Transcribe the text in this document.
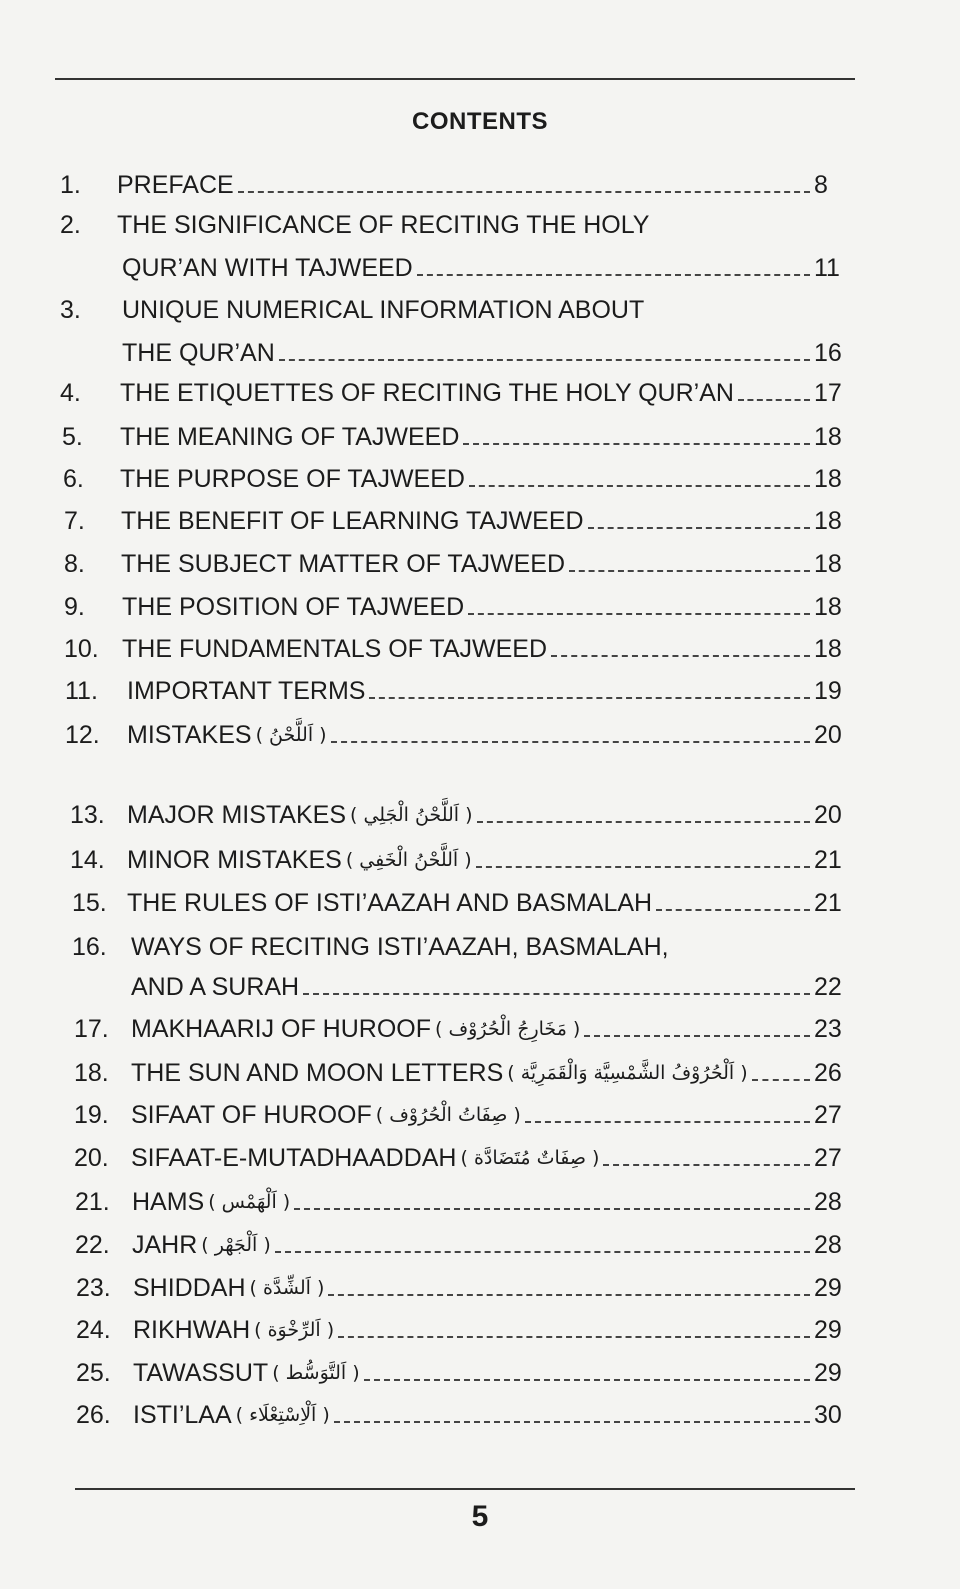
CONTENTS
1.	PREFACE	8
2.	THE SIGNIFICANCE OF RECITING THE HOLY
QUR’AN WITH TAJWEED	11
3.	UNIQUE NUMERICAL INFORMATION ABOUT
THE QUR’AN	16
4.	THE ETIQUETTES OF RECITING THE HOLY QUR’AN	17
5.	THE MEANING OF TAJWEED	18
6.	THE PURPOSE OF TAJWEED	18
7.	THE BENEFIT OF LEARNING TAJWEED	18
8.	THE SUBJECT MATTER OF TAJWEED	18
9.	THE POSITION OF TAJWEED	18
10. THE FUNDAMENTALS OF TAJWEED	18
11.	IMPORTANT TERMS	19
12.	MISTAKES ( اَللَّحْنُ )	20
13. MAJOR MISTAKES ( اَللَّحْنُ الْجَلِي )	20
14. MINOR MISTAKES ( اَللَّحْنُ الْخَفِي )	21
15. THE RULES OF ISTI’AAZAH AND BASMALAH	21
16. WAYS OF RECITING ISTI’AAZAH, BASMALAH,
AND A SURAH	22
17. MAKHAARIJ OF HUROOF ( مَخَارِجُ الْحُرُوْف )	23
18. THE SUN AND MOON LETTERS ( اَلْحُرُوْفُ الشَّمْسِيَّة وَالْقَمَرِيَّة )	26
19. SIFAAT OF HUROOF ( صِفَاتُ الْحُرُوْف )	27
20. SIFAAT-E-MUTADHAADDAH ( صِفَاتٌ مُتَضَادَّة )	27
21. HAMS ( اَلْهَمْس )	28
22. JAHR ( اَلْجَهْر )	28
23. SHIDDAH ( اَلشِّدَّة )	29
24. RIKHWAH ( اَلرِّخْوَة )	29
25. TAWASSUT ( اَلتَّوَسُّط )	29
26. ISTI’LAA ( اَلْاِسْتِعْلَاء )	30
5
